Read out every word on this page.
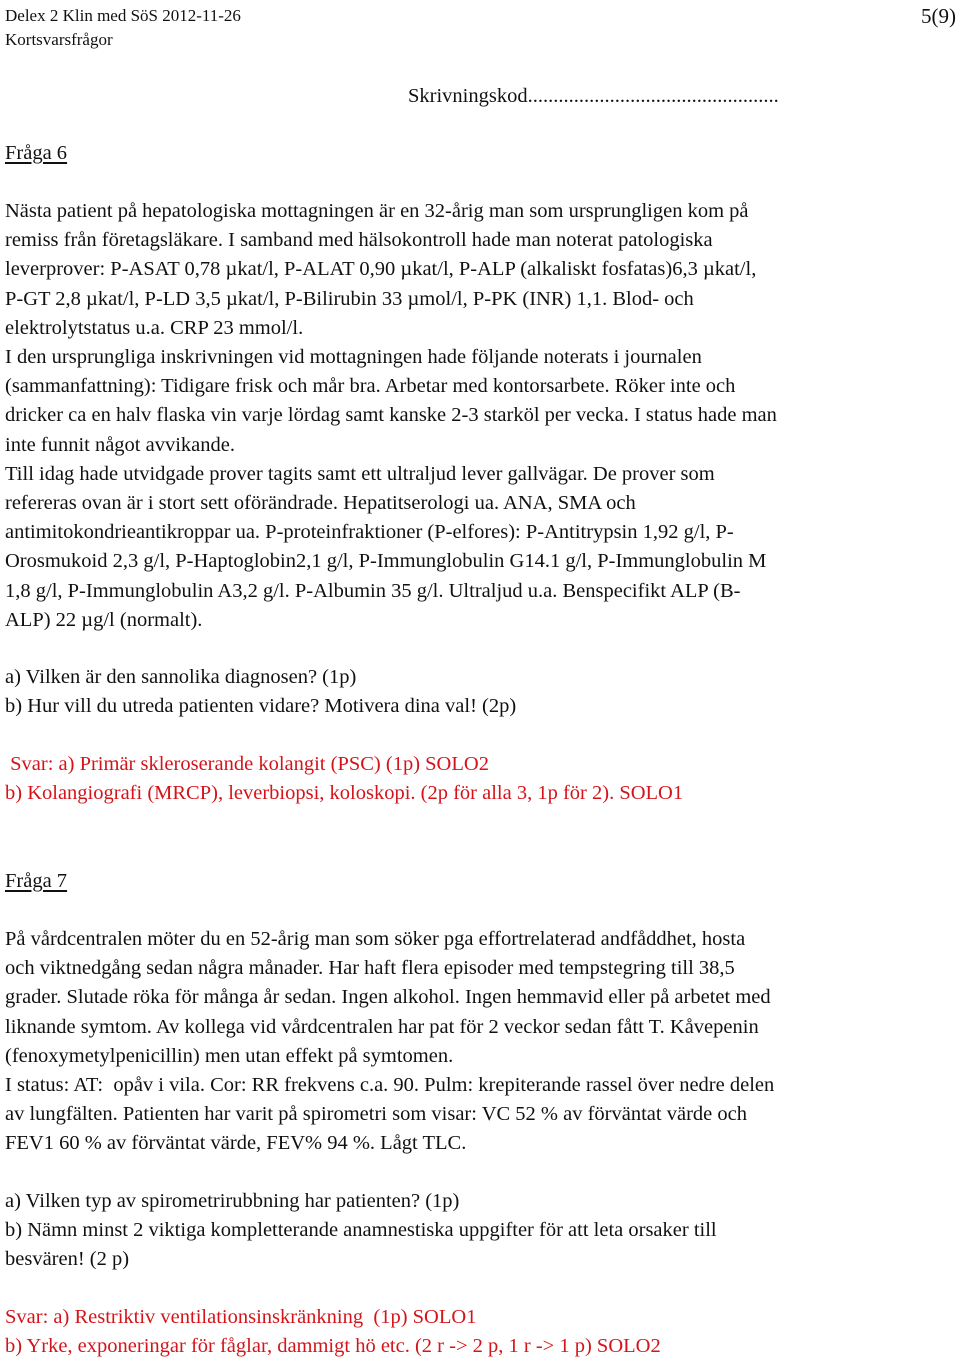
Delex 2 Klin med SöS 2012-11-26
Kortsvarsfrågor
5(9)
Skrivningskod.................................................
Fråga 6
Nästa patient på hepatologiska mottagningen är en 32-årig man som ursprungligen kom på
remiss från företagsläkare. I samband med hälsokontroll hade man noterat patologiska
leverprover: P-ASAT 0,78 µkat/l, P-ALAT 0,90 µkat/l, P-ALP (alkaliskt fosfatas)6,3 µkat/l,
P-GT 2,8 µkat/l, P-LD 3,5 µkat/l, P-Bilirubin 33 µmol/l, P-PK (INR) 1,1. Blod- och
elektrolytstatus u.a. CRP 23 mmol/l.
I den ursprungliga inskrivningen vid mottagningen hade följande noterats i journalen
(sammanfattning): Tidigare frisk och mår bra. Arbetar med kontorsarbete. Röker inte och
dricker ca en halv flaska vin varje lördag samt kanske 2-3 starköl per vecka. I status hade man
inte funnit något avvikande.
Till idag hade utvidgade prover tagits samt ett ultraljud lever gallvägar. De prover som
refereras ovan är i stort sett oförändrade. Hepatitserologi ua. ANA, SMA och
antimitokondrieantikroppar ua. P-proteinfraktioner (P-elfores): P-Antitrypsin 1,92 g/l, P-
Orosmukoid 2,3 g/l, P-Haptoglobin2,1 g/l, P-Immunglobulin G14.1 g/l, P-Immunglobulin M
1,8 g/l, P-Immunglobulin A3,2 g/l. P-Albumin 35 g/l. Ultraljud u.a. Benspecifikt ALP (B-
ALP) 22 µg/l (normalt).
a) Vilken är den sannolika diagnosen? (1p)
b) Hur vill du utreda patienten vidare? Motivera dina val! (2p)
Svar: a) Primär skleroserande kolangit (PSC) (1p) SOLO2
b) Kolangiografi (MRCP), leverbiopsi, koloskopi. (2p för alla 3, 1p för 2). SOLO1
Fråga 7
På vårdcentralen möter du en 52-årig man som söker pga effortrelaterad andfåddhet, hosta
och viktnedgång sedan några månader. Har haft flera episoder med tempstegring till 38,5
grader. Slutade röka för många år sedan. Ingen alkohol. Ingen hemmavid eller på arbetet med
liknande symtom. Av kollega vid vårdcentralen har pat för 2 veckor sedan fått T. Kåvepenin
(fenoxymetylpenicillin) men utan effekt på symtomen.
I status: AT:  opåv i vila. Cor: RR frekvens c.a. 90. Pulm: krepiterande rassel över nedre delen
av lungfälten. Patienten har varit på spirometri som visar: VC 52 % av förväntat värde och
FEV1 60 % av förväntat värde, FEV% 94 %. Lågt TLC.
a) Vilken typ av spirometrirubbning har patienten? (1p)
b) Nämn minst 2 viktiga kompletterande anamnestiska uppgifter för att leta orsaker till
besvären! (2 p)
Svar: a) Restriktiv ventilationsinskränkning  (1p) SOLO1
b) Yrke, exponeringar för fåglar, dammigt hö etc. (2 r -> 2 p, 1 r -> 1 p) SOLO2
